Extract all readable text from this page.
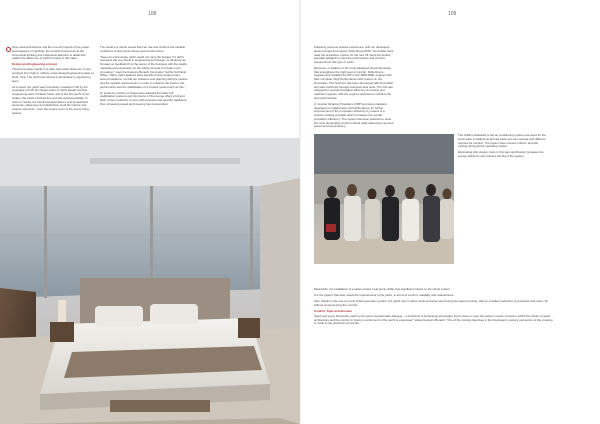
108	109

Now naval architecture and the one-off projects of the power and elegance of yachting, the products have been at the conceptual thinking and meticulous attention to detail that makes the difference of yacht's unique in this class.

Design and Engineering concept

Three-time-class yachts is a wide-class wide-class tier of new products from high to military, naval design/engineering ideas at Nord, York. The yacht had access to Dominator's engineering team.

As a result, the yacht was completely modeled in 3D by the synergies of both the Design team of Yacht Design and the engineering team of Naval Yards, and is the first yacht of the builder, the interior architecture and the technical details. In order to reduce the functional dependence and its aesthetic elements, placement and distribution of all the interior and exterior elements – from the engine room to the luxury living spaces.

The result is a robust vessel that can rise and confront the variable conditions of both performance and comfort alone.

"Seen as a Dominator yacht would not carry the budget, if it didn't represent the very finest in engineering and design, so all along we focused on feedback from the owner of the business with the quality, materials and expression on the whole concept of a higher end innovation," says the Federico Berardi, Dominator Yachts Technical Office. "Many yacht features were specific to this unique boat's accommodations, so that our solutions and planning with the owners and the specific requirements, in order to enhance the interior, the performance and the stabilisation of a tri-deck vessel such as this."

To enhance comfort on board were adopted the latest roll stabilisation systems and the interior of the lounge offers a full and pitch motion reduction in even with inventive and specific stabilisers, thus increasing speed and lowering fuel consumption.

Following previous positive experience, with our developed ideas concept and engine, Rolls-Royce/MTU, the builder have used the propulsion system for the new 34 metre Dominator, specially adapted to meet the performance and comfort required from this type of yacht.

Moreover, in addition to the most advanced structural design that strengthens the high level of comfort, Rolls-Royce supplied and installed the MTU 12V 2000 M96L engines with their complete 'High Performance Hull' system on the Dominator. This hull form has been developed with the builder and was confirmed through extensive tank tests. The hull was designed to provide unrivalled efficiency at cruising and maximum speeds, with the engines optimised to achieve the best performance.

3. Counter Rotating Propellers (CRP) and also propellers developed in collaboration with Rolls-Royce for further improvement of the propulsion efficiency by means of a counter-rotating propeller which increases the overall propulsion efficiency. The system has been selected to meet the most demanding comfort criteria while delivering improved speed and fuel economy.

The chillers dedicated to the air conditioning system are sized for the worst-case conditions at all load loads and can operate with different regimes for comfort. The system also ensures uniform and fast cooling during all the operating modes.

Eliminating ship startup costs in this way significantly increases the energy efficiency and reduces the life of the system.

Meanwhile, the installation of a water-cooled, heat pump chiller has significant impact on the whole system.

It is the system that best meets the requirements of the yacht, in terms of comfort, reliability and maintenance.

Also, thanks to the use of a new hybrid generator system, the yacht runs in silent mode at anchor and during low speed cruising, with an excellent reduction of emissions and noise, all without compromising the comfort.

Comfort, Style and Emotion

"Each and every Dominator yacht is the result of passionate dialogue – a synthesis of technology and design that is done to meet the owner's needs. A result in which the whole of naval architecture and the comfort in interior environment of the yacht is expressed," states Federico Berardi. "One of the central objectives in the Dominator's owners' perception of the crossing is made to the perfection of sea life."
